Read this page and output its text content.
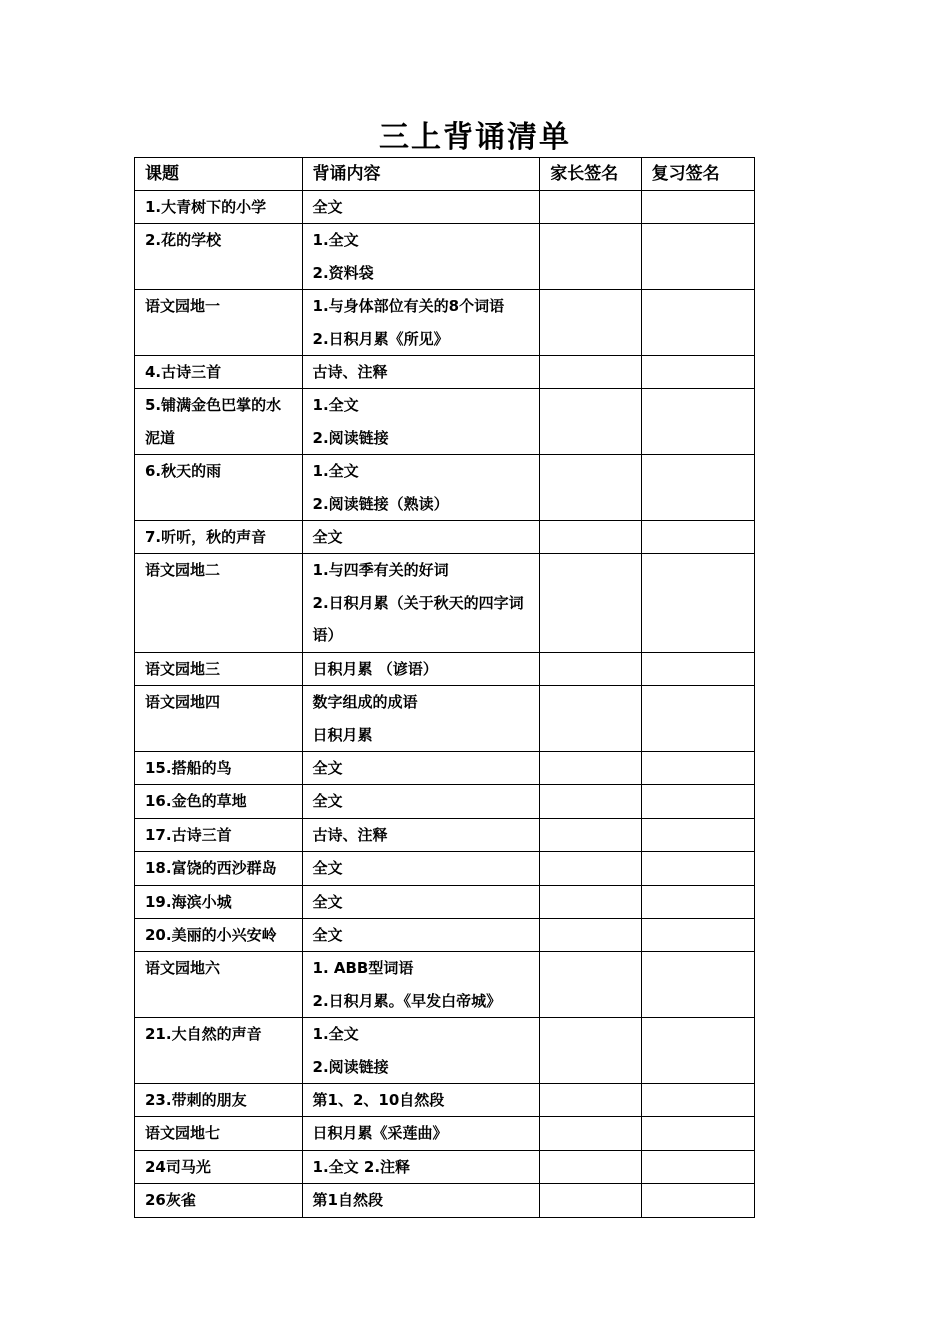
三上背诵清单
课题	背诵内容	家长签名	复习签名
1.大青树下的小学	全文		

2.花的学校	1.全文
2.资料袋		

语文园地一	1.与身体部位有关的8个词语
2.日积月累《所见》		

4.古诗三首	古诗、注释		

5.铺满金色巴掌的水泥道	1.全文
2.阅读链接		

6.秋天的雨	1.全文
2.阅读链接（熟读）		

7.听听，秋的声音	全文		

语文园地二	1.与四季有关的好词
2.日积月累（关于秋天的四字词语）		

语文园地三	日积月累 （谚语）		

语文园地四	数字组成的成语
日积月累		

15.搭船的鸟	全文		

16.金色的草地	全文		

17.古诗三首	古诗、注释		

18.富饶的西沙群岛	全文		

19.海滨小城	全文		

20.美丽的小兴安岭	全文		

语文园地六	1. ABB型词语
2.日积月累。《早发白帝城》		

21.大自然的声音	1.全文
2.阅读链接		

23.带刺的朋友	第1、2、10自然段		

语文园地七	日积月累《采莲曲》		

24司马光	1.全文 2.注释		

26灰雀	第1自然段		
